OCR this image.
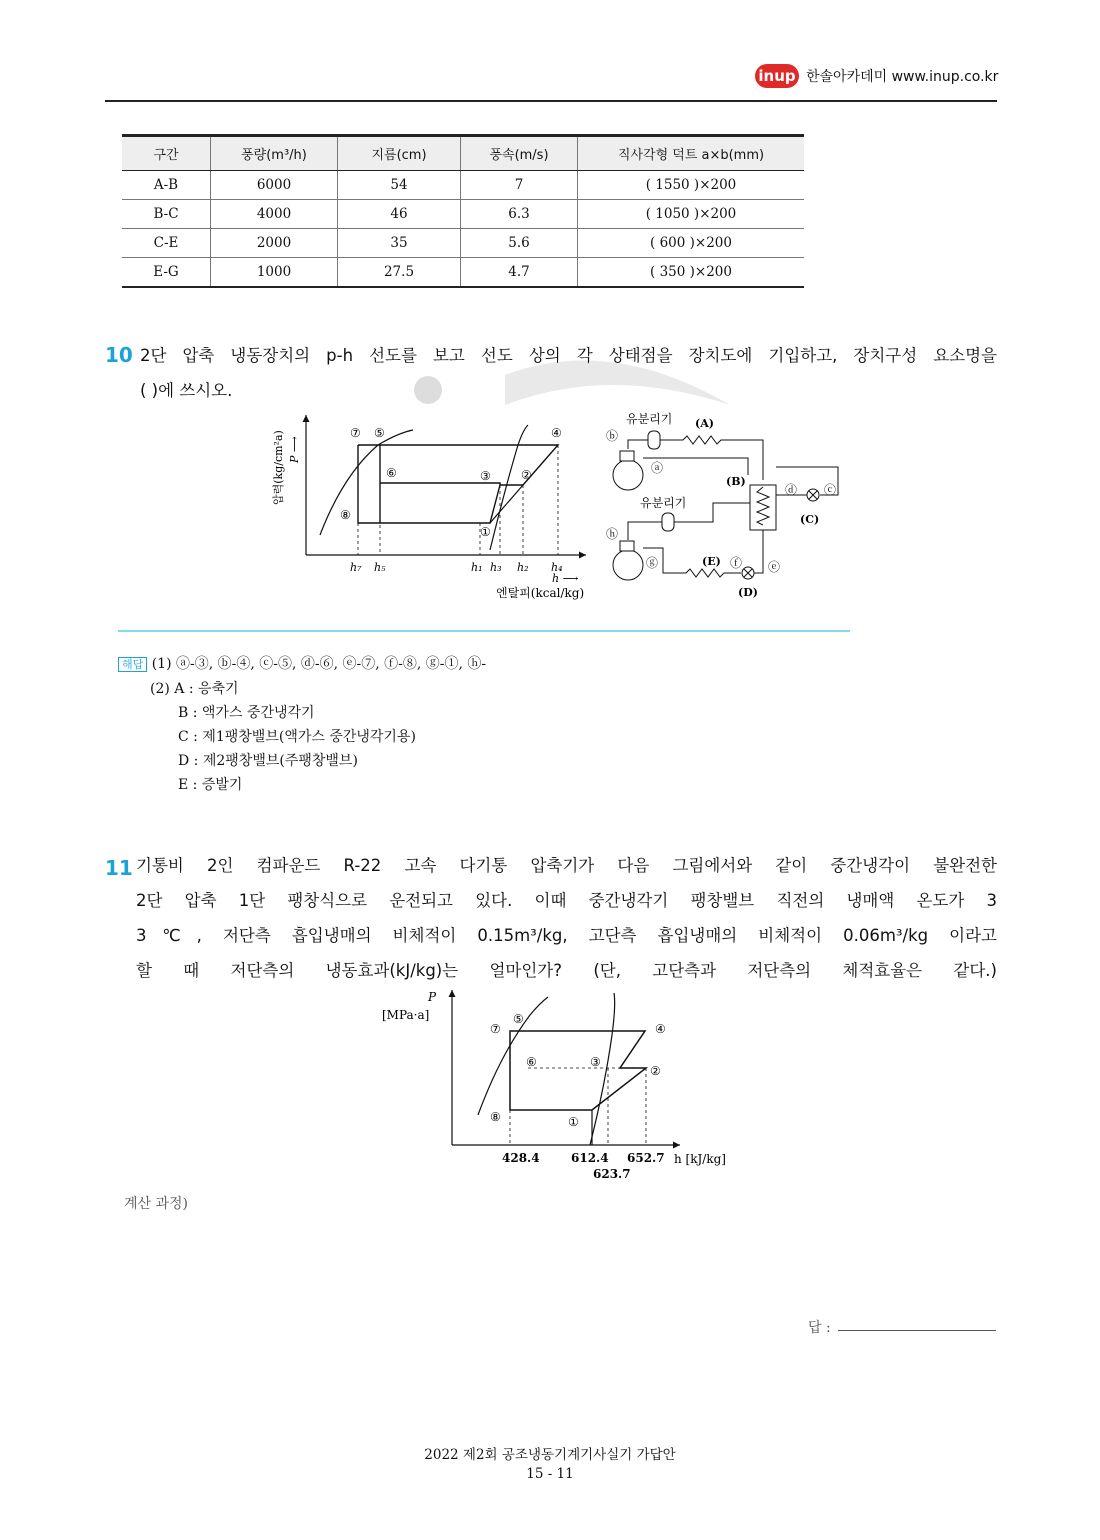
inup 한솔아카데미 www.inup.co.kr
구간	풍량(m³/h)	지름(cm)	풍속(m/s)	직사각형 덕트 a×b(mm)
A-B	6000	54	7	( 1550 )×200
B-C	4000	46	6.3	( 1050 )×200
C-E	2000	35	5.6	( 600 )×200
E-G	1000	27.5	4.7	( 350 )×200
10 2단 압축 냉동장치의 p-h 선도를 보고 선도 상의 각 상태점을 장치도에 기입하고, 장치구성 요소명을
( )에 쓰시오.
압력(kg/cm²a) P ⟶
⑦ ⑤	④
⑥	③	②
⑧
①
h₇ h₅	h₁ h₃ h₂ h₄
h ⟶
엔탈피(kcal/kg)
유분리기 (A)
ⓑ
ⓐ
(B)
ⓓ ⓒ
(C)
유분리기
ⓗ
ⓖ	(E) ⓕ ⓔ
(D)
해답 (1) ⓐ-③, ⓑ-④, ⓒ-⑤, ⓓ-⑥, ⓔ-⑦, ⓕ-⑧, ⓖ-①, ⓗ-
(2) A : 응축기
B : 액가스 중간냉각기
C : 제1팽창밸브(액가스 중간냉각기용)
D : 제2팽창밸브(주팽창밸브)
E : 증발기
11 기통비 2인 컴파운드 R-22 고속 다기통 압축기가 다음 그림에서와 같이 중간냉각이 불완전한
2단 압축 1단 팽창식으로 운전되고 있다. 이때 중간냉각기 팽창밸브 직전의 냉매액 온도가 3
3℃, 저단측 흡입냉매의 비체적이 0.15m³/kg, 고단측 흡입냉매의 비체적이 0.06m³/kg 이라고
할 때 저단측의 냉동효과(kJ/kg)는 얼마인가? (단, 고단측과 저단측의 체적효율은 같다.)
P
[MPa·a]
⑦
⑤
④
⑥	③
②
⑧	①
428.4	612.4 652.7
623.7
h [kJ/kg]
계산 과정)
답 :
2022 제2회 공조냉동기계기사실기 가답안
15 - 11
